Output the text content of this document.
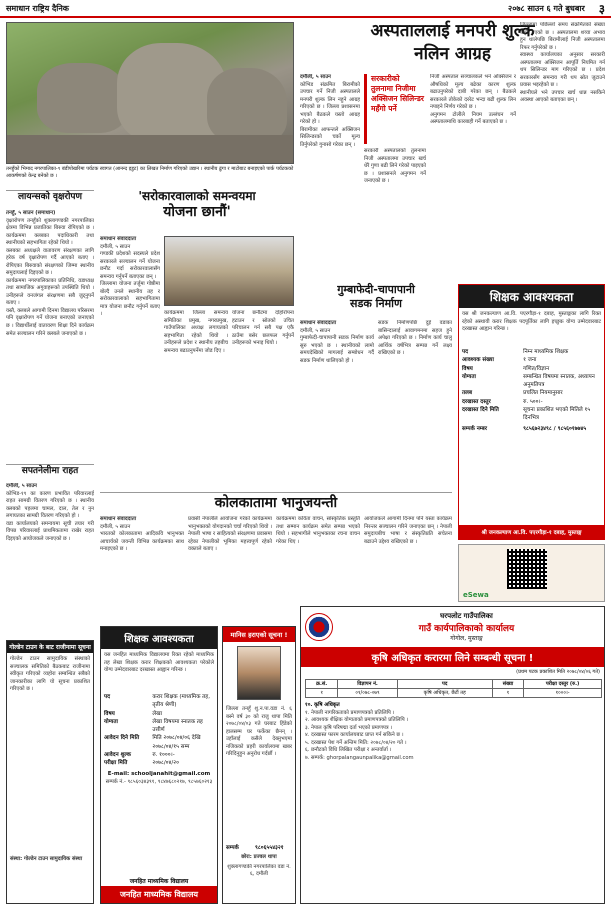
समाधान राष्ट्रिय दैनिक	२०७८ साउन ६ गते बुधबार ३
तनहुँको भिमाद नगरपालिका-९ बंडीपोखरिमा पर्यटक स्वागत (आनन्द इडुट) का लिखत निर्माण गरिएको उद्यान । स्थानीय ढुंगा र माटोबाट बनाइएको पार्क पर्यटकको आकर्षणको केन्द्र बनेको छ ।
लायन्सको वृक्षरोपण
तनहुँ, ५ साउन (समाधान)
वृक्षारोपण तनहुँको शुक्लागण्डकी नगरपालिका क्षेत्रमा विभिन्न प्रजातिका बिरुवा रोपिएको छ । कार्यक्रममा क्लबका पदाधिकारी तथा स्थानीयको सहभागिता रहेको थियो ।
क्लबका अध्यक्षले वातावरण संरक्षणका लागि हरेक वर्ष वृक्षारोपण गर्दै आएको बताए । रोपिएका बिरुवाको संरक्षणको जिम्मा स्थानीय समुदायलाई दिइएको छ ।
कार्यक्रममा नगरपालिकाका प्रतिनिधि, वडाध्यक्ष तथा सामाजिक अगुवाहरूको उपस्थिति थियो । उनीहरूले वनजंगल संरक्षणमा सबै जुट्नुपर्ने बताए ।
यस्तै, क्लबले आगामी दिनमा विद्यालय परिसरमा पनि वृक्षारोपण गर्ने योजना बनाएको जनाएको छ । विद्यार्थीलाई वातावरण शिक्षा दिने कार्यक्रम समेत सञ्चालन गरिने क्लबले जनाएको छ ।
सपतनेलीमा राहत
दमौली, ५ साउन
कोभिड-१९ का कारण प्रभावित परिवारलाई राहत सामग्री वितरण गरिएको छ । स्थानीय क्लबको पहलमा चामल, दाल, तेल र नुन लगायतका सामग्री वितरण गरिएको हो ।
वडा कार्यालयको समन्वयमा सूची तयार गरी विपन्न परिवारलाई प्राथमिकतामा राखेर राहत दिइएको आयोजकले जनाएको छ ।
गोल्डेन टाउन के बाट राजीनामा सूचना
गोल्डेन टाउन सामुदायिक संस्थाको सञ्चालक समितिको बैठकबाट राजीनामा स्वीकृत गरिएको व्यहोरा सम्बन्धित सबैको जानकारीका लागि यो सूचना प्रकाशित गरिएको छ ।
संस्था: गोल्डेन टाउन सामुदायिक संस्था
'सरोकारवालाको समन्वयमा
योजना छानौं'
समाधान संवाददाता
दमौली, ५ साउन
गण्डकी प्रदेशको सदस्यले प्रदेश सरकारले सञ्चालन गर्ने योजना छनौट गर्दा सरोकारवालासँग समन्वय गर्नुपर्ने बताएका छन् ।
जिल्लामा योजना तर्जुमा गोष्ठीमा बोल्दै उनले स्थानीय तह र सरोकारवालाको सहभागितामा मात्र योजना छनौट गर्नुपर्ने बताए ।	कार्यक्रममा जिल्ला समन्वय समितिका प्रमुख, नगरप्रमुख, गाउँपालिका अध्यक्ष लगायतको सहभागिता रहेको थियो । उनीहरूले प्रदेश र स्थानीय तहबीच समन्वय बढाउनुपर्नेमा जोड दिए ।
योजना छनौटमा दोहोरोपना हटाउन र स्रोतको उचित परिचालन गर्न सबै पक्ष एकै ठाउँमा बसेर छलफल गर्नुपर्ने उनीहरूको भनाइ थियो ।
अस्पताललाई मनपरी शुल्क
नलिन आग्रह
दमौली, ५ साउन
कोभिड संक्रमित बिरामीको उपचार गर्ने निजी अस्पतालले मनपरी शुल्क लिन नहुने आग्रह गरिएको छ । जिल्ला प्रशासनमा भएको बैठकले यस्तो आग्रह गरेको हो ।
बिरामीका आफन्तले अक्सिजन सिलिन्डरको चर्को मूल्य तिर्नुपरेको गुनासो गरेका छन् ।
सरकारीको
तुलनामा निजीमा
अक्सिजन सिलिन्डर
महँगो पर्ने
सरकारी अस्पतालको तुलनामा निजी अस्पतालमा उपचार खर्च धेरै गुणा बढी लिने गरेको पाइएको छ । प्रशासनले अनुगमन गर्ने जनाएको छ ।
निजी अस्पताल सञ्चालकले भने अक्सिजन र औषधिको मूल्य बढेका कारण शुल्क बढाउनुपरेको दाबी गरेका छन् । बैठकले सरकारले तोकेको दररेट भन्दा बढी शुल्क लिन नपाइने निर्णय गरेको छ ।
अनुगमन टोलीले नियम उल्लंघन गर्ने अस्पतालमाथि कारबाही गर्ने बताएको छ ।
जिल्लामा पछिल्लो समय संक्रमितको संख्या बढ्दै गएको छ । अस्पतालमा शय्या अभाव हुन थालेपछि बिरामीलाई निजी अस्पतालमा रिफर गर्नुपरेको छ ।
स्वास्थ्य कार्यालयका अनुसार सरकारी अस्पतालमा अक्सिजन आपूर्ति नियमित गर्न थप सिलिन्डर माग गरिएको छ । प्रदेश सरकारसँग समन्वय गरी थप स्रोत जुटाउने प्रयास भइरहेको छ ।
स्थानीयले भने उपचार खर्च धान्न नसकिने अवस्था आएको बताएका छन् ।
गुम्बाफेदी-चापापानी
सडक निर्माण
समाधान संवाददाता
दमौली, ५ साउन
गुम्बाफेदी-चापापानी सडक निर्माण कार्य सुरु भएको छ । स्थानीयको लामो समयदेखिको मागलाई सम्बोधन गर्दै सडक निर्माण थालिएको हो ।
सडक निर्माणपछि दुई वडाका बासिन्दालाई आवागमनमा सहज हुने अपेक्षा गरिएको छ । निर्माण कार्य चालु आर्थिक वर्षभित्र सम्पन्न गर्ने लक्ष्य राखिएको छ ।
शिक्षक आवश्यकता
यस श्री जनकल्याण आ.वि. पएरगौड़ा-१ दबाह, मुस्ताङ्गका लागि रिक्त रहेको अस्थायी करार शिक्षक पदपूर्तिका लागि इच्छुक योग्य उम्मेदवारबाट दरखास्त आह्वान गरिन्छ ।
पद	निम्न माध्यमिक शिक्षक
आवश्यक संख्या	१ जना
विषय	गणित/विज्ञान
योग्यता	सम्बन्धित विषयमा स्नातक, अध्यापन अनुमतिपत्र
तलब	प्रचलित नियमानुसार
दरखास्त दस्तुर	रु. ५००।-
दरखास्त दिने मिति	सूचना प्रकाशित भएको मितिले १५ दिनभित्र
सम्पर्क नम्बर	९८५६७२३४९८ / ९८५६०१७७४५
श्री जनकल्याण आ.वि. पएरगौड़ा-१ दबाह, मुस्ताङ्ग
कोलकातामा भानुजयन्ती
समाधान संवाददाता
दमौली, ५ साउन
भारतको कोलकातामा आदिकवि भानुभक्त आचार्यको जयन्ती विभिन्न कार्यक्रमका साथ मनाइएको छ ।
प्रवासी नेपालीले आयोजना गरेको कार्यक्रममा भानुभक्तको योगदानको चर्चा गरिएको थियो । नेपाली भाषा र साहित्यको संरक्षणमा प्रवासमा रहेका नेपालीको भूमिका महत्त्वपूर्ण रहेको वक्ताले बताए ।
कार्यक्रममा कविता वाचन, सांस्कृतिक प्रस्तुति तथा सम्मान कार्यक्रम समेत सम्पन्न भएको थियो । सहभागीले भानुभक्तका रचना वाचन गरेका थिए ।
आयोजकले आगामी दिनमा पनि यस्ता कार्यक्रम निरन्तर सञ्चालन गरिने जनाएका छन् । नेपाली समुदायबीच भाषा र संस्कृतिप्रति सचेतना बढाउने उद्देश्य राखिएको छ ।
eSewa
घरपलोट गाउँपालिका
गाउँ कार्यपालिकाको कार्यालय
गोगोल, मुस्ताङ्ग
कृषि अधिकृत करारमा लिने सम्बन्धी सूचना !
(प्रथम पटक प्रकाशित मिति २०७८/०४/०६ गते)
क्र.सं.	विज्ञापन नं.	पद	संख्या	परीक्षा दस्तुर (रु.)
१	०१/०७८-०७९	कृषि अधिकृत, छैटौं तह	१	१०००।-
१०. कृषि अधिकृत
१. नेपाली नागरिकताको प्रमाणपत्रको प्रतिलिपि ।
२. आवश्यक शैक्षिक योग्यताको प्रमाणपत्रको प्रतिलिपि ।
३. नेपाल कृषि परिषद्मा दर्ता भएको प्रमाणपत्र ।
४. दरखास्त फारम कार्यालयबाट प्राप्त गर्न सकिने छ ।
५. दरखास्त पेश गर्ने अन्तिम मिति: २०७८/०४/२० गते ।
६. छनौटको विधि लिखित परीक्षा र अन्तर्वार्ता ।
७. सम्पर्क: ghorpalangaunpalika@gmail.com
शिक्षक आवश्यकता
यस जनहित माध्यमिक विद्यालयमा रिक्त रहेको माध्यमिक तह लेखा शिक्षक करार शिक्षकको आवश्यकता परेकोले योग्य उम्मेदवारबाट दरखास्त आह्वान गरिन्छ ।
पद	करार शिक्षक (माध्यमिक तह, तृतीय श्रेणी)
विषय	लेखा
योग्यता	लेखा विषयमा स्नातक तह उत्तीर्ण
आवेदन दिने मिति	मिति २०७८/०४/०६ देखि २०७८/०४/१५ सम्म
आवेदन शुल्क	रु. १०००।-
परीक्षा मिति	२०७८/०४/२०
E-mail: schooljanahit@gmail.com
सम्पर्क नं.- ९८५६०३४३९१, ९८४७६८०२१७, ९८५७६०२१३
जनहित माध्यमिक विद्यालय
जनहित माध्यमिक विद्यालय
मानिस हराएको सूचना !
जिल्ला तनहुँ शु.न.पा.वडा नं. ६ बस्ने वर्ष ३० को राजु थापा मिति २०७८/०४/०३ गते घरबाट हिंडेको हालसम्म घर फर्केका छैनन् । उहाँलाई कसैले देख्नुभएमा नजिकको प्रहरी कार्यालयमा खबर गरिदिनुहुन अनुरोध गर्दछौं ।
सम्पर्क	९८०६५५४३२१
छोरा: प्रज्वल थापा
शुक्लागण्डकी नगरपालिका वडा नं. ६, दमौली
